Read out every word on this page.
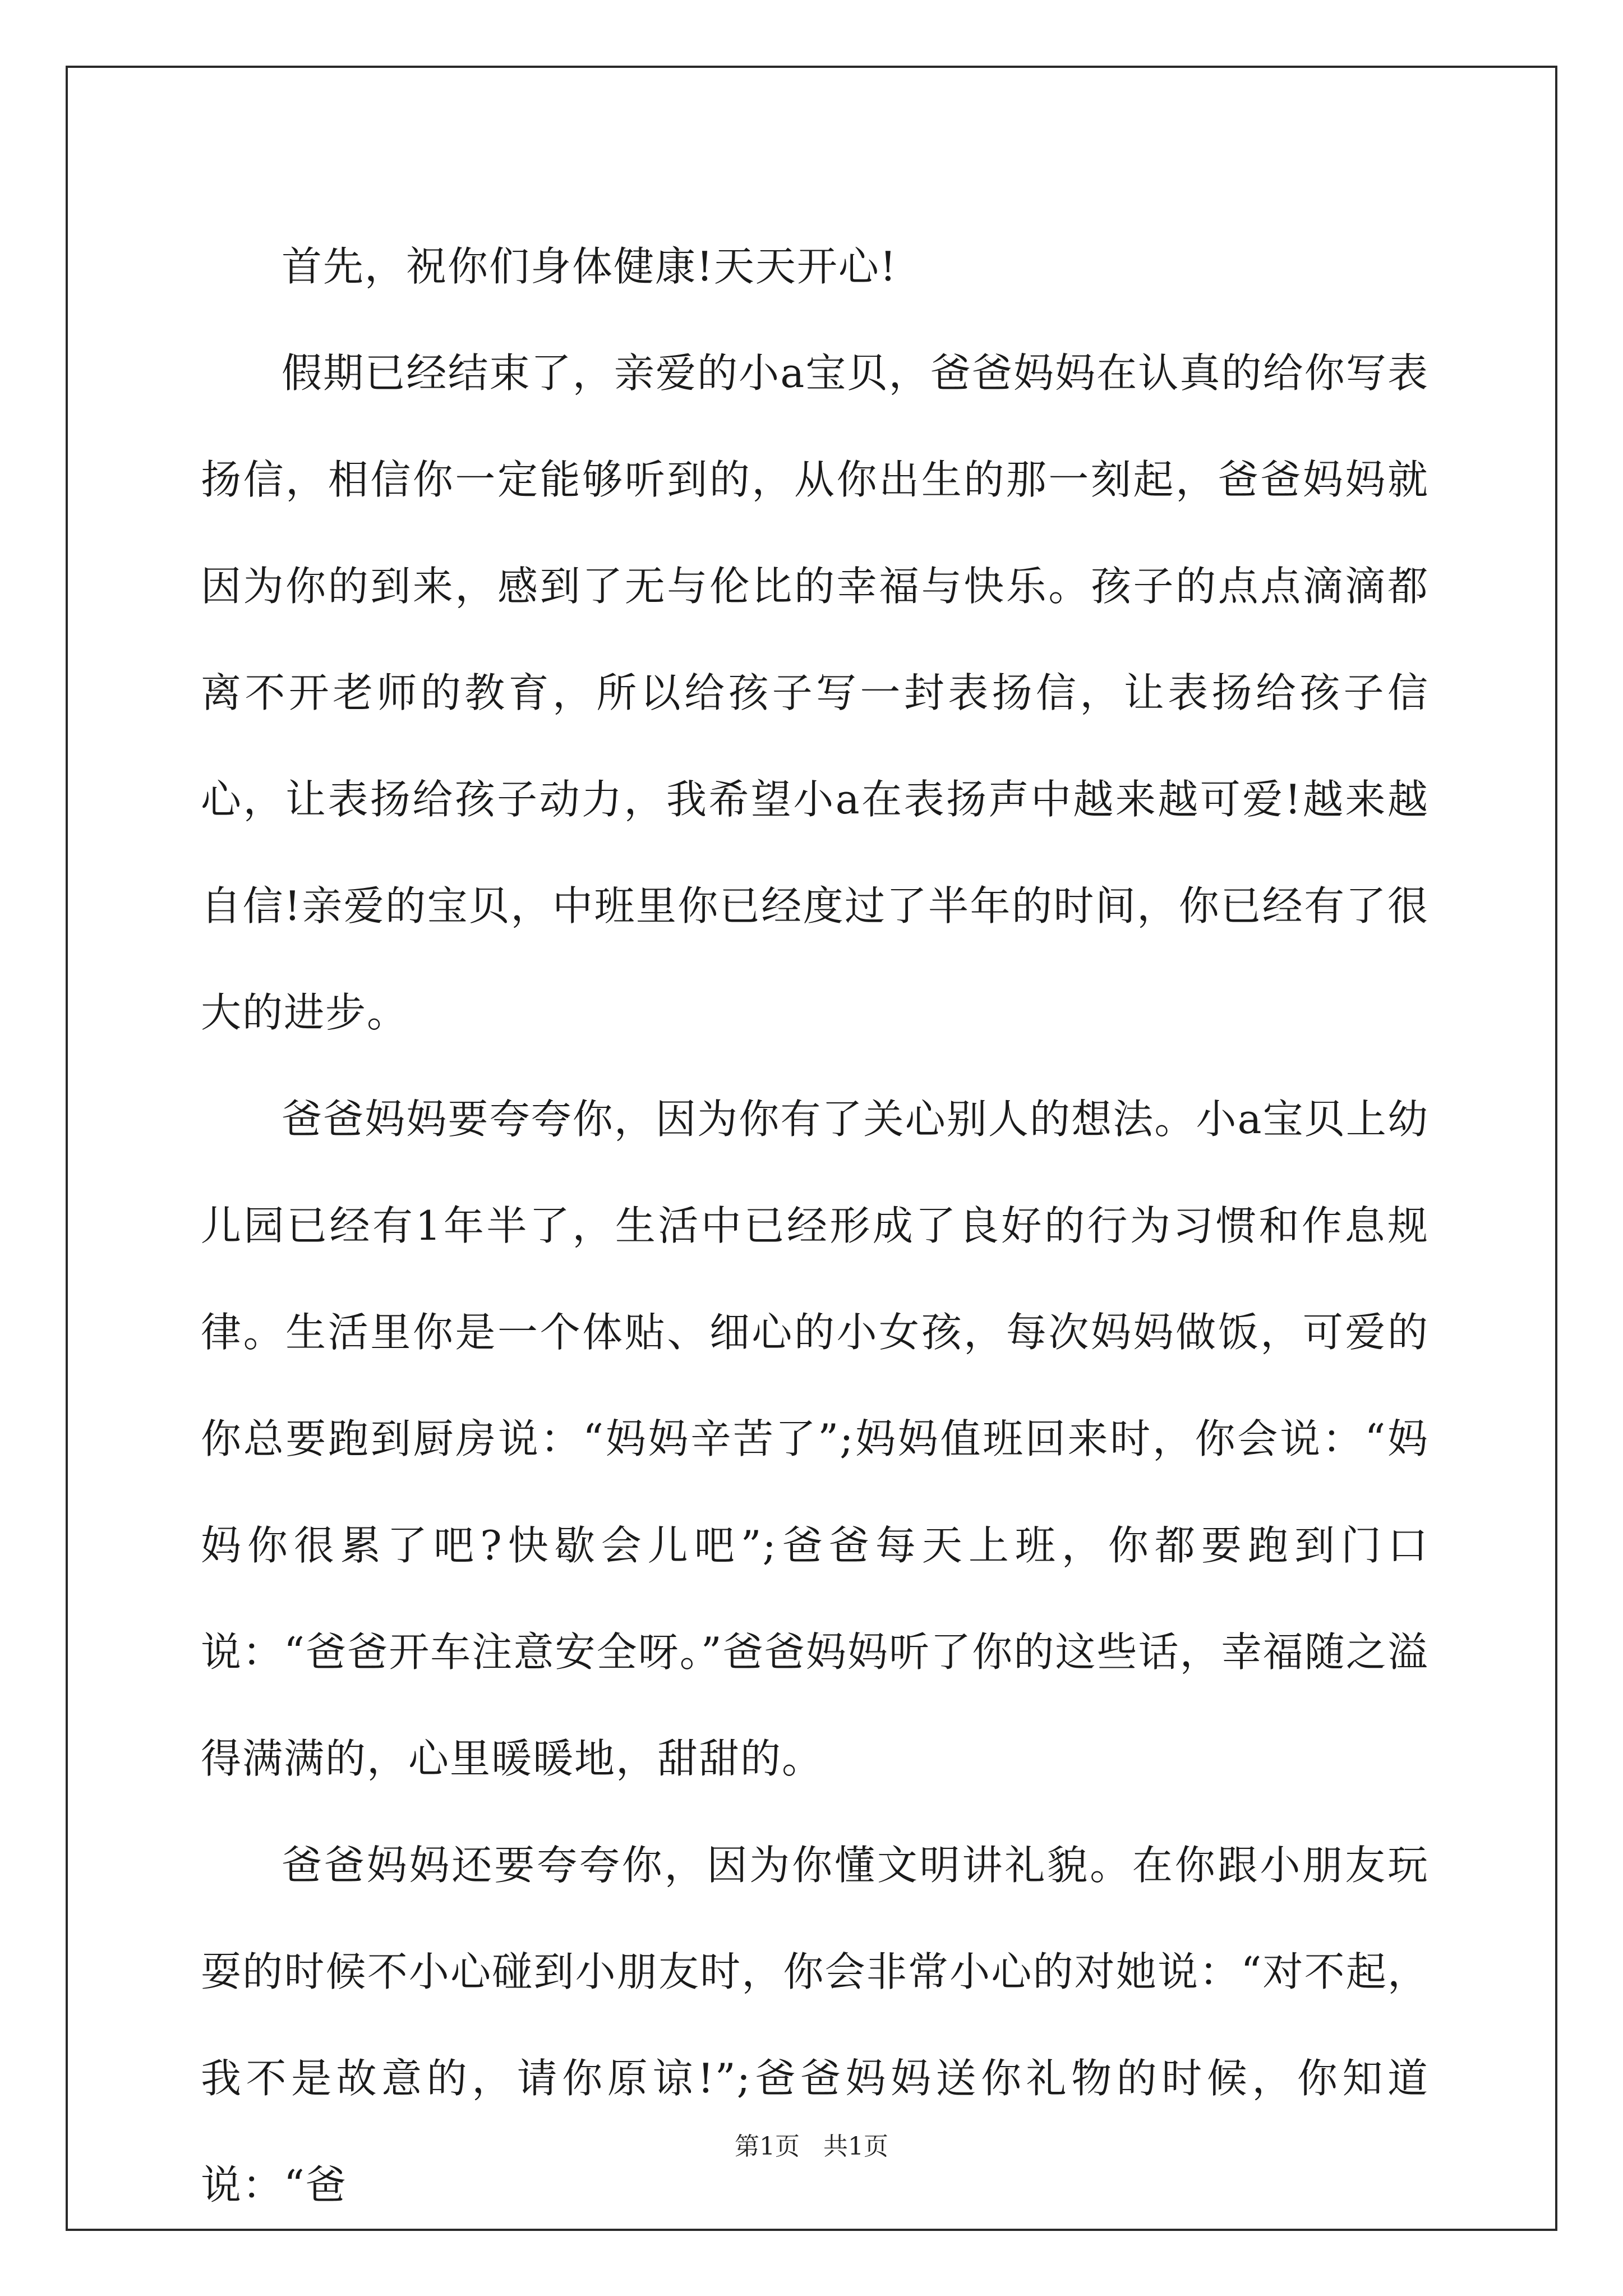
首先，祝你们身体健康!天天开心!

假期已经结束了，亲爱的小a宝贝，爸爸妈妈在认真的给你写表扬信，相信你一定能够听到的，从你出生的那一刻起，爸爸妈妈就因为你的到来，感到了无与伦比的幸福与快乐。孩子的点点滴滴都离不开老师的教育，所以给孩子写一封表扬信，让表扬给孩子信心，让表扬给孩子动力，我希望小a在表扬声中越来越可爱!越来越自信!亲爱的宝贝，中班里你已经度过了半年的时间，你已经有了很大的进步。

爸爸妈妈要夸夸你，因为你有了关心别人的想法。小a宝贝上幼儿园已经有1年半了，生活中已经形成了良好的行为习惯和作息规律。生活里你是一个体贴、细心的小女孩，每次妈妈做饭，可爱的你总要跑到厨房说：“妈妈辛苦了”;妈妈值班回来时，你会说：“妈妈你很累了吧?快歇会儿吧”;爸爸每天上班，你都要跑到门口说：“爸爸开车注意安全呀。”爸爸妈妈听了你的这些话，幸福随之溢得满满的，心里暖暖地，甜甜的。

爸爸妈妈还要夸夸你，因为你懂文明讲礼貌。在你跟小朋友玩耍的时候不小心碰到小朋友时，你会非常小心的对她说：“对不起，我不是故意的，请你原谅!”;爸爸妈妈送你礼物的时候，你知道说：“爸

第1页   共1页
